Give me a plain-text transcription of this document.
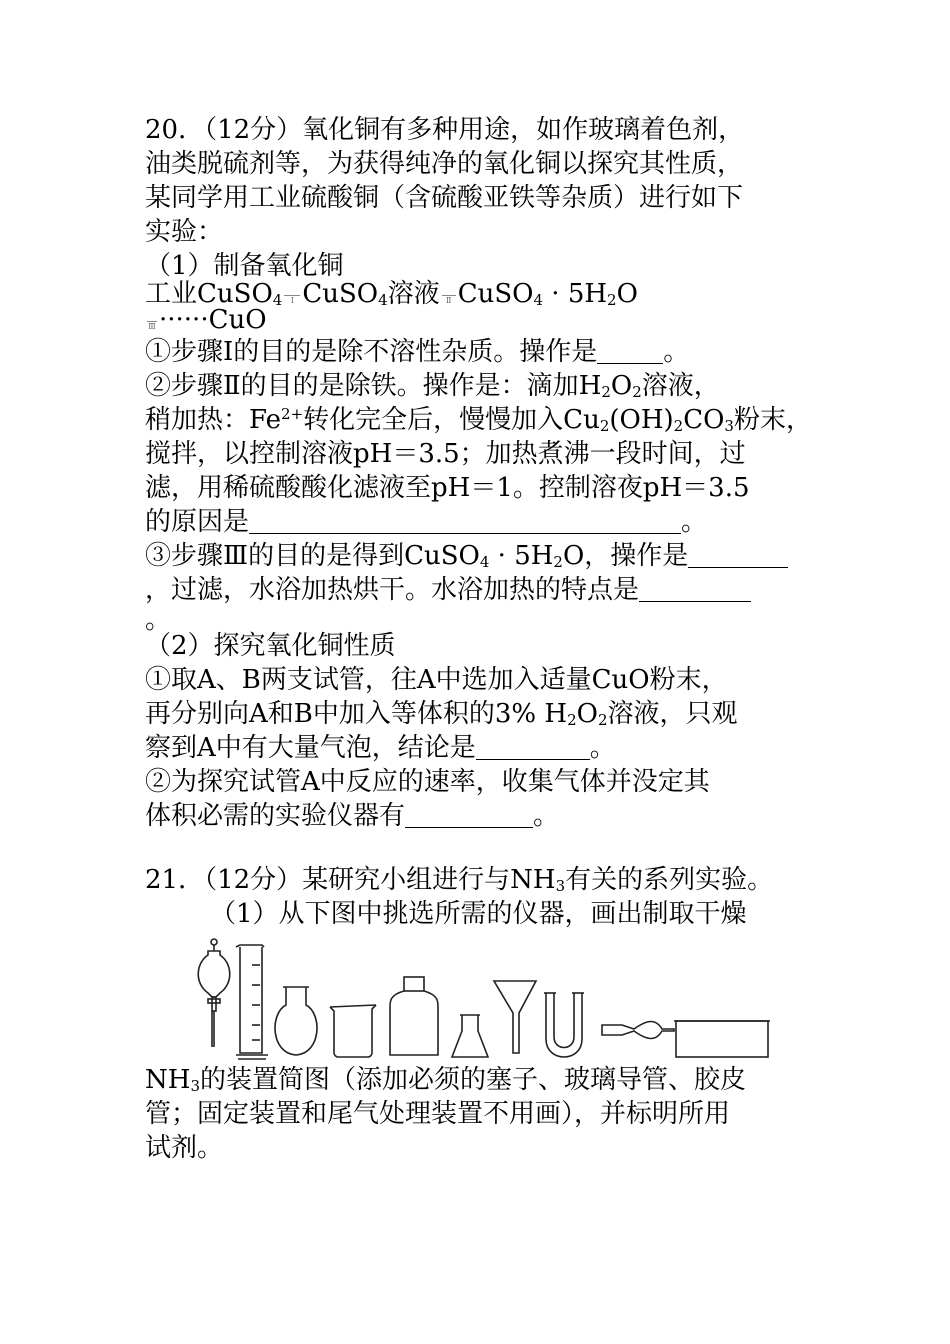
20．（12分）氧化铜有多种用途，如作玻璃着色剂，
油类脱硫剂等，为获得纯净的氧化铜以探究其性质，
某同学用工业硫酸铜（含硫酸亚铁等杂质）进行如下
实验：
（1）制备氧化铜
工业CuSO$_4$ Ⅰ CuSO$_4$溶液 Ⅱ CuSO$_4$ · $5H_2O$
Ⅲ ······CuO
①步骤Ⅰ的目的是除不溶性杂质。操作是	。
②步骤Ⅱ的目的是除铁。操作是：滴加$H_2O_2$溶液，
稍加热：$Fe^{2+}$转化完全后，慢慢加入$Cu_2(OH)_2CO_3$粉末，
搅拌，以控制溶液pH＝3.5；加热煮沸一段时间，过
滤，用稀硫酸酸化滤液至pH＝1。控制溶夜pH＝3.5
的原因是	。
③步骤Ⅲ的目的是得到CuSO$_4$ · $5H_2O$，操作是
，过滤，水浴加热烘干。水浴加热的特点是
。
（2）探究氧化铜性质
①取A、B两支试管，往A中选加入适量CuO粉末，
再分别向A和B中加入等体积的3% $H_2O_2$溶液，只观
察到A中有大量气泡，结论是	。
②为探究试管A中反应的速率，收集气体并没定其
体积必需的实验仪器有	。
21．（12分）某研究小组进行与$NH_3$有关的系列实验。
（1）从下图中挑选所需的仪器，画出制取干燥
$NH_3$的装置简图（添加必须的塞子、玻璃导管、胶皮
管；固定装置和尾气处理装置不用画），并标明所用
试剂。
